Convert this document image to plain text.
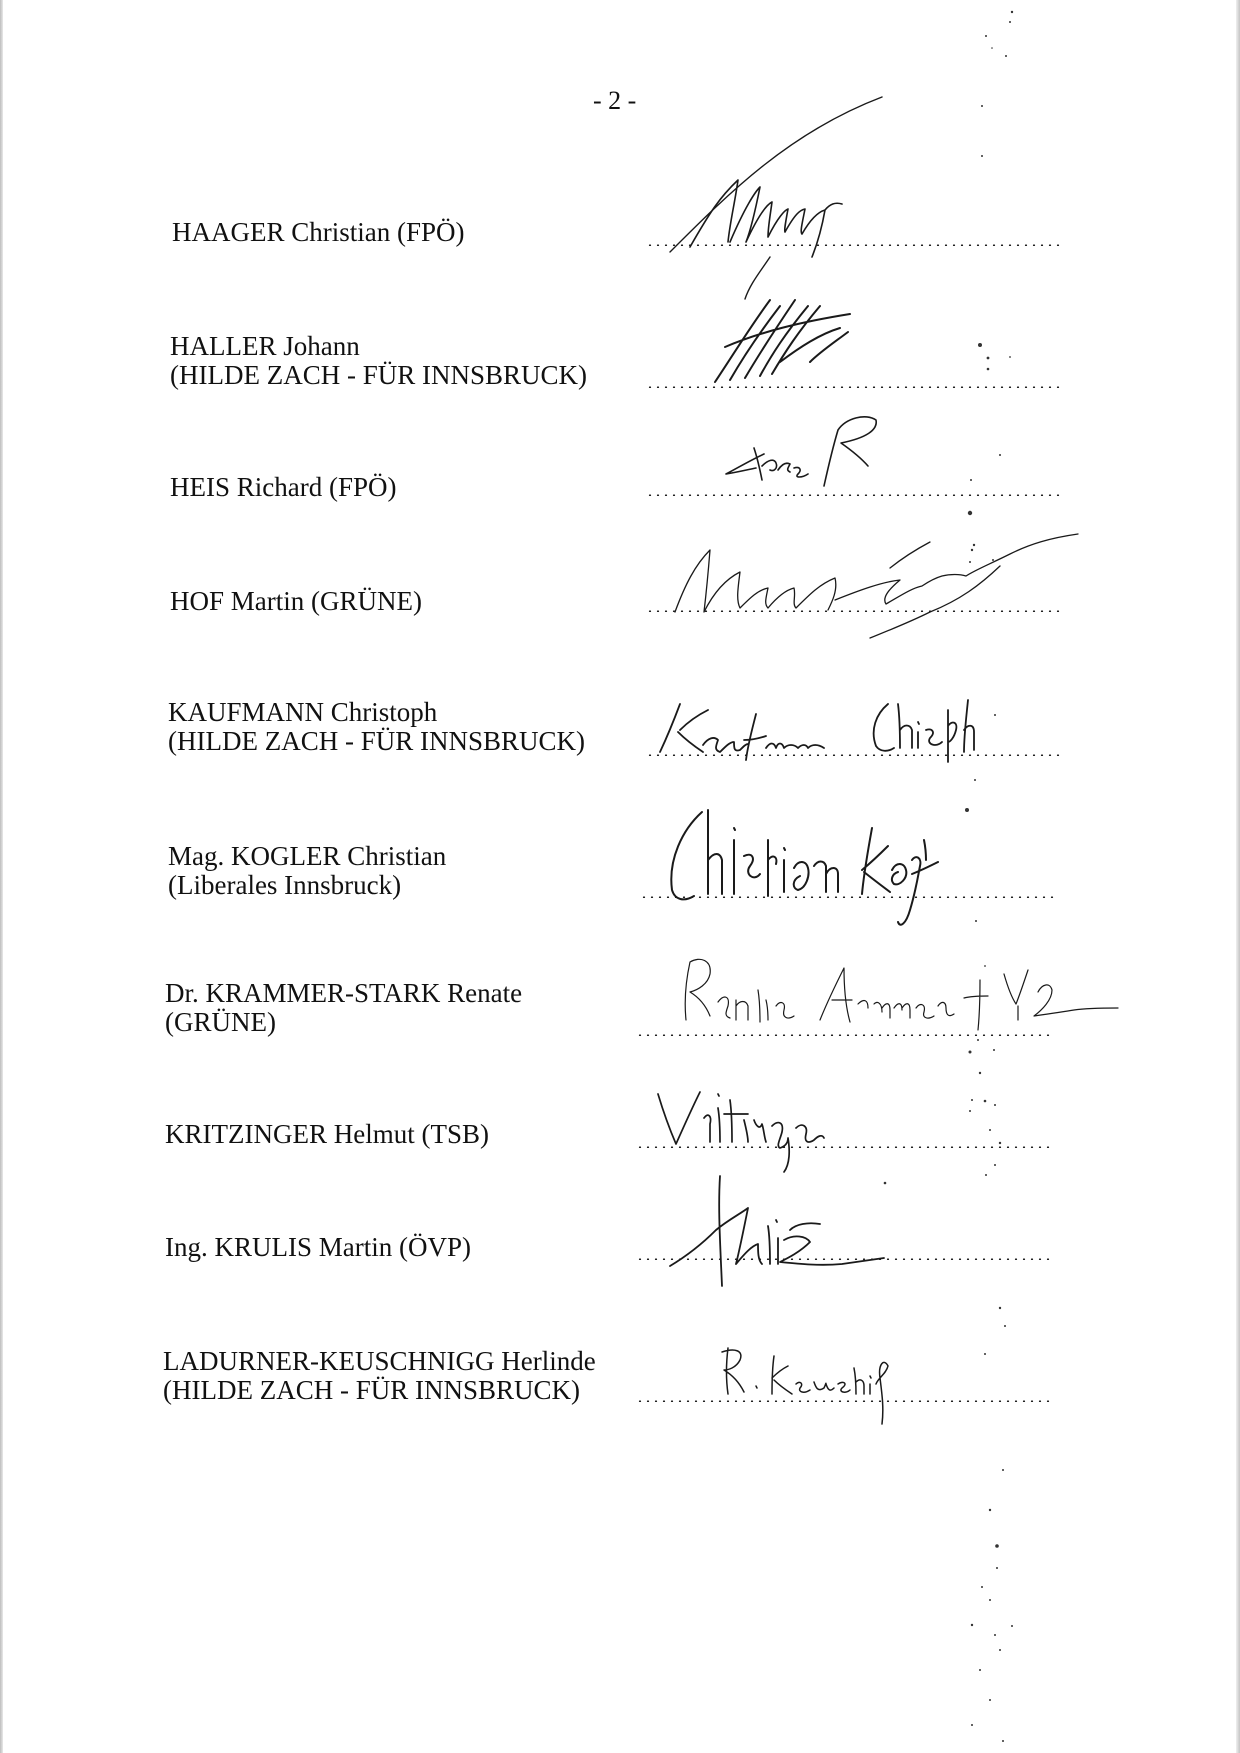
- 2 -
HAAGER Christian (FPÖ)
HALLER Johann
(HILDE ZACH - FÜR INNSBRUCK)
HEIS Richard (FPÖ)
HOF Martin (GRÜNE)
KAUFMANN Christoph
(HILDE ZACH - FÜR INNSBRUCK)
Mag. KOGLER Christian
(Liberales Innsbruck)
Dr. KRAMMER-STARK Renate
(GRÜNE)
KRITZINGER Helmut (TSB)
Ing. KRULIS Martin (ÖVP)
LADURNER-KEUSCHNIGG Herlinde
(HILDE ZACH - FÜR INNSBRUCK)
